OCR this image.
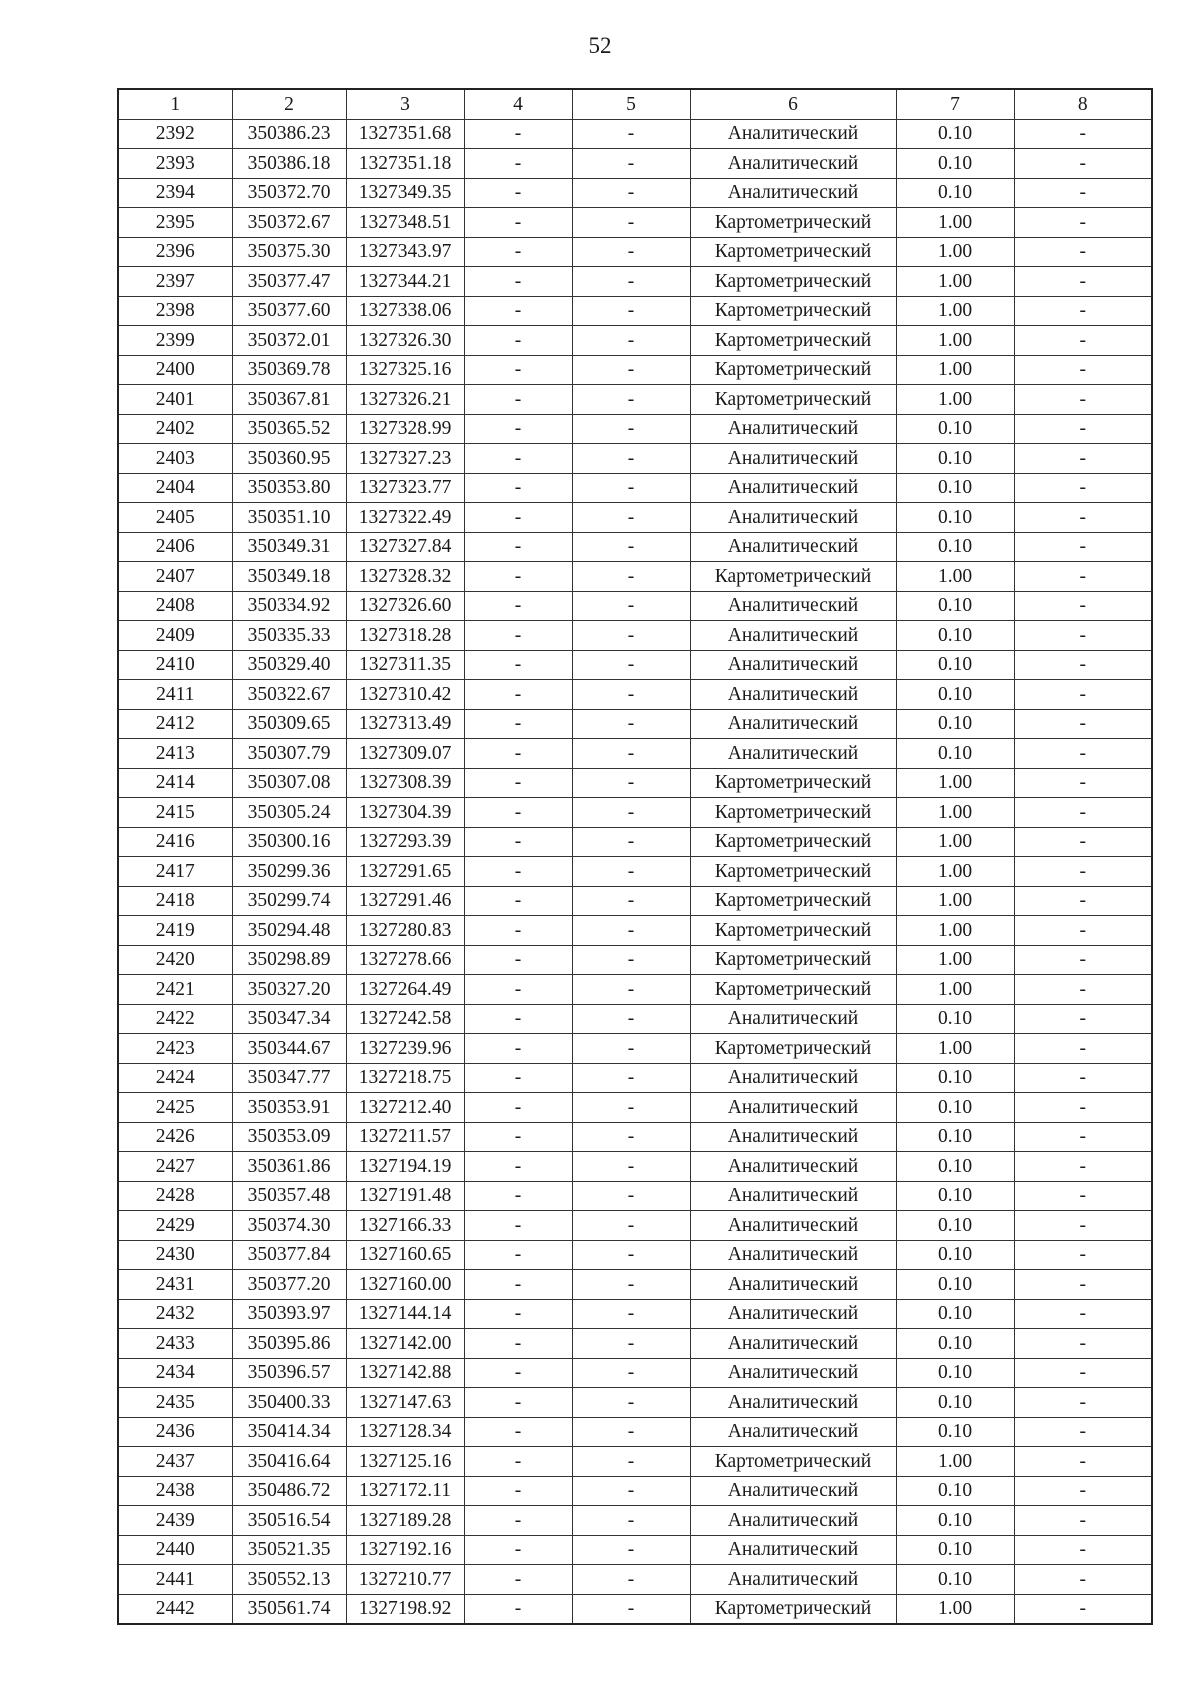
52
1	2	3	4	5	6	7	8
2392	350386.23	1327351.68	-	-	Аналитический	0.10	-
2393	350386.18	1327351.18	-	-	Аналитический	0.10	-
2394	350372.70	1327349.35	-	-	Аналитический	0.10	-
2395	350372.67	1327348.51	-	-	Картометрический	1.00	-
2396	350375.30	1327343.97	-	-	Картометрический	1.00	-
2397	350377.47	1327344.21	-	-	Картометрический	1.00	-
2398	350377.60	1327338.06	-	-	Картометрический	1.00	-
2399	350372.01	1327326.30	-	-	Картометрический	1.00	-
2400	350369.78	1327325.16	-	-	Картометрический	1.00	-
2401	350367.81	1327326.21	-	-	Картометрический	1.00	-
2402	350365.52	1327328.99	-	-	Аналитический	0.10	-
2403	350360.95	1327327.23	-	-	Аналитический	0.10	-
2404	350353.80	1327323.77	-	-	Аналитический	0.10	-
2405	350351.10	1327322.49	-	-	Аналитический	0.10	-
2406	350349.31	1327327.84	-	-	Аналитический	0.10	-
2407	350349.18	1327328.32	-	-	Картометрический	1.00	-
2408	350334.92	1327326.60	-	-	Аналитический	0.10	-
2409	350335.33	1327318.28	-	-	Аналитический	0.10	-
2410	350329.40	1327311.35	-	-	Аналитический	0.10	-
2411	350322.67	1327310.42	-	-	Аналитический	0.10	-
2412	350309.65	1327313.49	-	-	Аналитический	0.10	-
2413	350307.79	1327309.07	-	-	Аналитический	0.10	-
2414	350307.08	1327308.39	-	-	Картометрический	1.00	-
2415	350305.24	1327304.39	-	-	Картометрический	1.00	-
2416	350300.16	1327293.39	-	-	Картометрический	1.00	-
2417	350299.36	1327291.65	-	-	Картометрический	1.00	-
2418	350299.74	1327291.46	-	-	Картометрический	1.00	-
2419	350294.48	1327280.83	-	-	Картометрический	1.00	-
2420	350298.89	1327278.66	-	-	Картометрический	1.00	-
2421	350327.20	1327264.49	-	-	Картометрический	1.00	-
2422	350347.34	1327242.58	-	-	Аналитический	0.10	-
2423	350344.67	1327239.96	-	-	Картометрический	1.00	-
2424	350347.77	1327218.75	-	-	Аналитический	0.10	-
2425	350353.91	1327212.40	-	-	Аналитический	0.10	-
2426	350353.09	1327211.57	-	-	Аналитический	0.10	-
2427	350361.86	1327194.19	-	-	Аналитический	0.10	-
2428	350357.48	1327191.48	-	-	Аналитический	0.10	-
2429	350374.30	1327166.33	-	-	Аналитический	0.10	-
2430	350377.84	1327160.65	-	-	Аналитический	0.10	-
2431	350377.20	1327160.00	-	-	Аналитический	0.10	-
2432	350393.97	1327144.14	-	-	Аналитический	0.10	-
2433	350395.86	1327142.00	-	-	Аналитический	0.10	-
2434	350396.57	1327142.88	-	-	Аналитический	0.10	-
2435	350400.33	1327147.63	-	-	Аналитический	0.10	-
2436	350414.34	1327128.34	-	-	Аналитический	0.10	-
2437	350416.64	1327125.16	-	-	Картометрический	1.00	-
2438	350486.72	1327172.11	-	-	Аналитический	0.10	-
2439	350516.54	1327189.28	-	-	Аналитический	0.10	-
2440	350521.35	1327192.16	-	-	Аналитический	0.10	-
2441	350552.13	1327210.77	-	-	Аналитический	0.10	-
2442	350561.74	1327198.92	-	-	Картометрический	1.00	-
